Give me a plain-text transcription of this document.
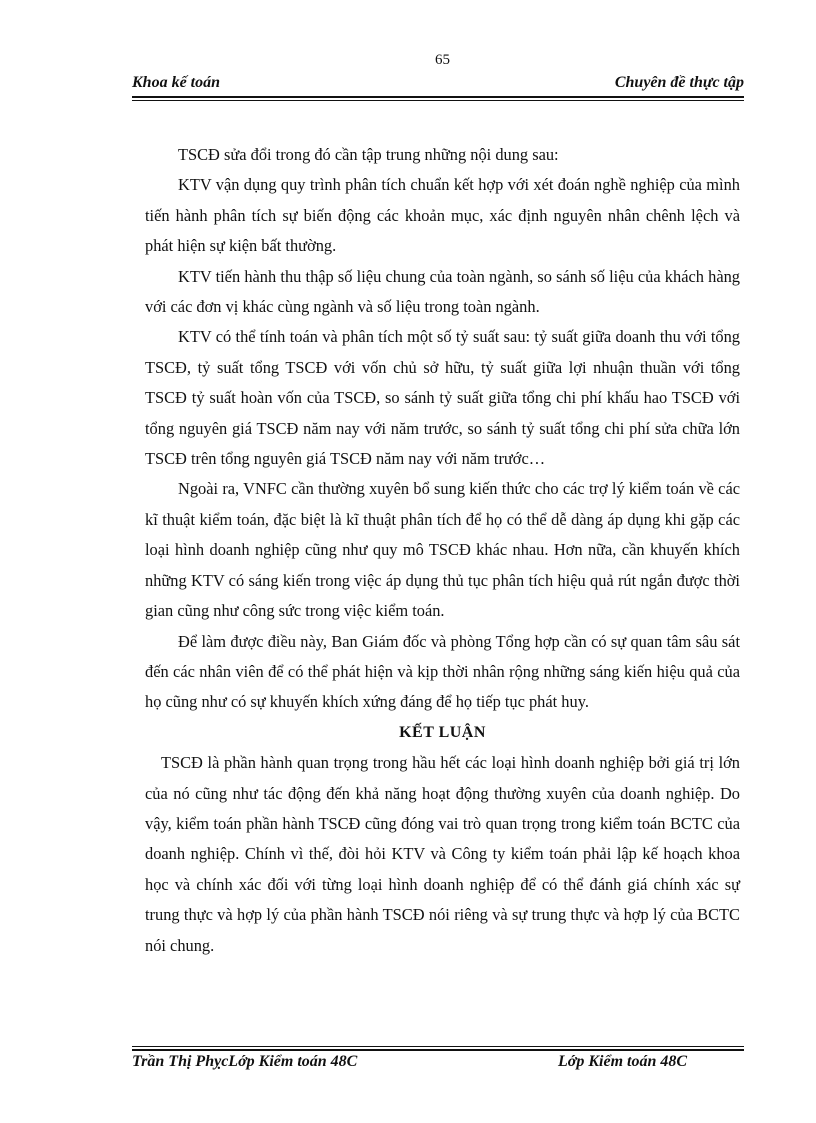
65
Khoa kế toán	Chuyên đề thực tập

TSCĐ sửa đổi trong đó cần tập trung những nội dung sau:

KTV vận dụng quy trình phân tích chuẩn kết hợp với xét đoán nghề nghiệp của mình tiến hành phân tích sự biến động các khoản mục, xác định nguyên nhân chênh lệch và phát hiện sự kiện bất thường.

KTV tiến hành thu thập số liệu chung của toàn ngành, so sánh số liệu của khách hàng với các đơn vị khác cùng ngành và số liệu trong toàn ngành.

KTV có thể tính toán và phân tích một số tỷ suất sau: tỷ suất giữa doanh thu với tổng TSCĐ, tỷ suất tổng TSCĐ với vốn chủ sở hữu, tỷ suất giữa lợi nhuận thuần với tổng TSCĐ tỷ suất hoàn vốn của TSCĐ, so sánh tỷ suất giữa tổng chi phí khấu hao TSCĐ với tổng nguyên giá TSCĐ năm nay với năm trước, so sánh tỷ suất tổng chi phí sửa chữa lớn TSCĐ trên tổng nguyên giá TSCĐ năm nay với năm trước…

Ngoài ra, VNFC cần thường xuyên bổ sung kiến thức cho các trợ lý kiểm toán về các kĩ thuật kiểm toán, đặc biệt là kĩ thuật phân tích để họ có thể dễ dàng áp dụng khi gặp các loại hình doanh nghiệp cũng như quy mô TSCĐ khác nhau. Hơn nữa, cần khuyến khích những KTV có sáng kiến trong việc áp dụng thủ tục phân tích hiệu quả rút ngắn được thời gian cũng như công sức trong việc kiểm toán.

Để làm được điều này, Ban Giám đốc và phòng Tổng hợp cần có sự quan tâm sâu sát đến các nhân viên để có thể phát hiện và kịp thời nhân rộng những sáng kiến hiệu quả của họ cũng như có sự khuyến khích xứng đáng để họ tiếp tục phát huy.

KẾT LUẬN

TSCĐ là phần hành quan trọng trong hầu hết các loại hình doanh nghiệp bởi giá trị lớn của nó cũng như tác động đến khả năng hoạt động thường xuyên của doanh nghiệp. Do vậy, kiểm toán phần hành TSCĐ cũng đóng vai trò quan trọng trong kiểm toán BCTC của doanh nghiệp. Chính vì thế, đòi hỏi KTV và Công ty kiểm toán phải lập kế hoạch khoa học và chính xác đối với từng loại hình doanh nghiệp để có thể đánh giá chính xác sự trung thực và hợp lý của phần hành TSCĐ nói riêng và sự trung thực và hợp lý của BCTC nói chung.

Trần Thị PhỵcLớp Kiểm toán 48C	Lớp Kiểm toán 48C
